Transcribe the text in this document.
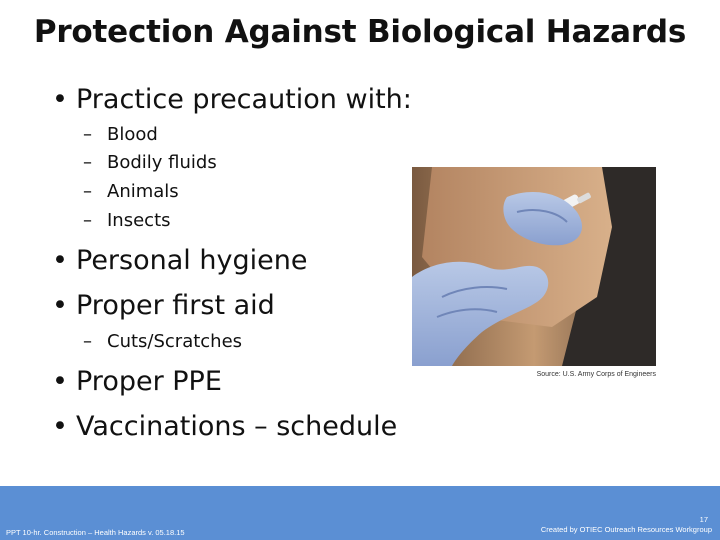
Protection Against Biological Hazards
• Practice precaution with:
– Blood
– Bodily fluids
– Animals
– Insects
• Personal hygiene
• Proper first aid
– Cuts/Scratches
• Proper PPE
• Vaccinations – schedule
Source: U.S. Army Corps of Engineers
PPT 10-hr. Construction – Health Hazards v. 05.18.15
17
Created by OTIEC Outreach Resources Workgroup
